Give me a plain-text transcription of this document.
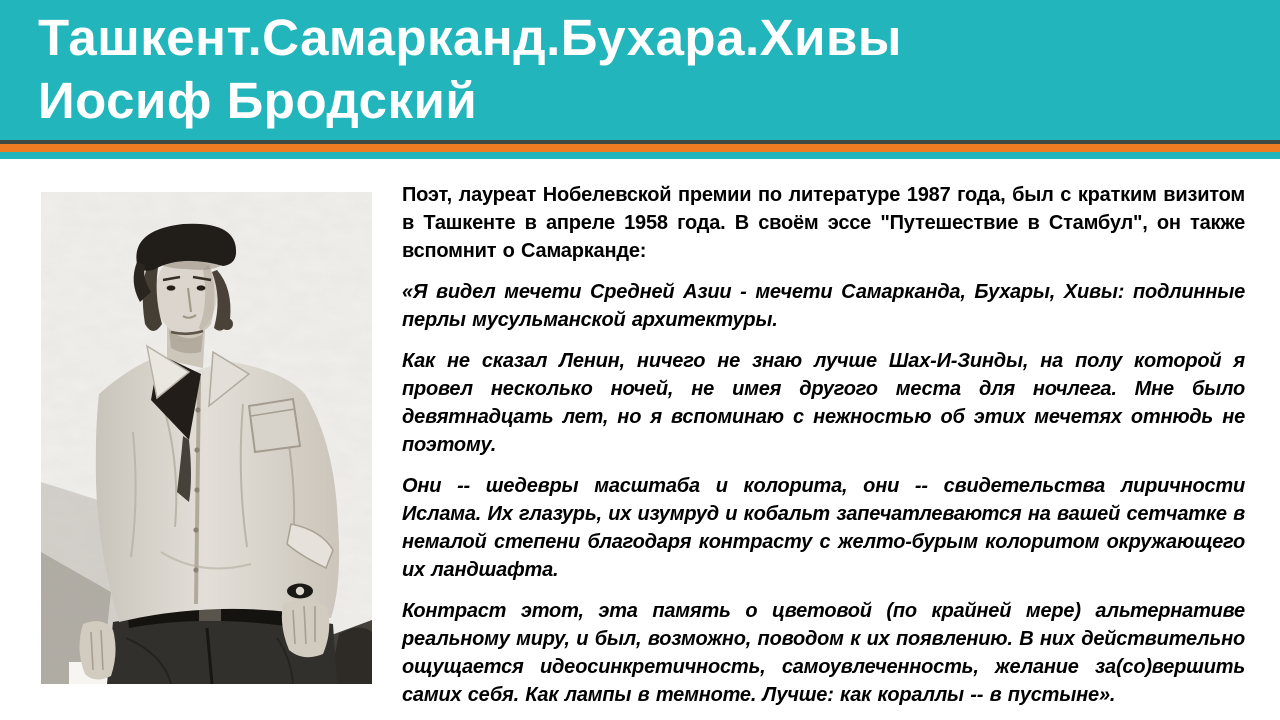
Ташкент.Самарканд.Бухара.Хивы
Иосиф Бродский

Поэт, лауреат Нобелевской премии по литературе 1987 года, был с кратким визитом в Ташкенте в апреле 1958 года. В своём эссе "Путешествие в Стамбул", он также вспомнит о Самарканде:

«Я видел мечети Средней Азии - мечети Самарканда, Бухары, Хивы: подлинные перлы мусульманской архитектуры.

Как не сказал Ленин, ничего не знаю лучше Шах-И-Зинды, на полу которой я провел несколько ночей, не имея другого места для ночлега. Мне было девятнадцать лет, но я вспоминаю с нежностью об этих мечетях отнюдь не поэтому.

Они -- шедевры масштаба и колорита, они -- свидетельства лиричности Ислама. Их глазурь, их изумруд и кобальт запечатлеваются на вашей сетчатке в немалой степени благодаря контрасту с желто-бурым колоритом окружающего их ландшафта.

Контраст этот, эта память о цветовой (по крайней мере) альтернативе реальному миру, и был, возможно, поводом к их появлению. В них действительно ощущается идеосинкретичность, самоувлеченность, желание за(со)вершить самих себя. Как лампы в темноте. Лучше: как кораллы -- в пустыне».
